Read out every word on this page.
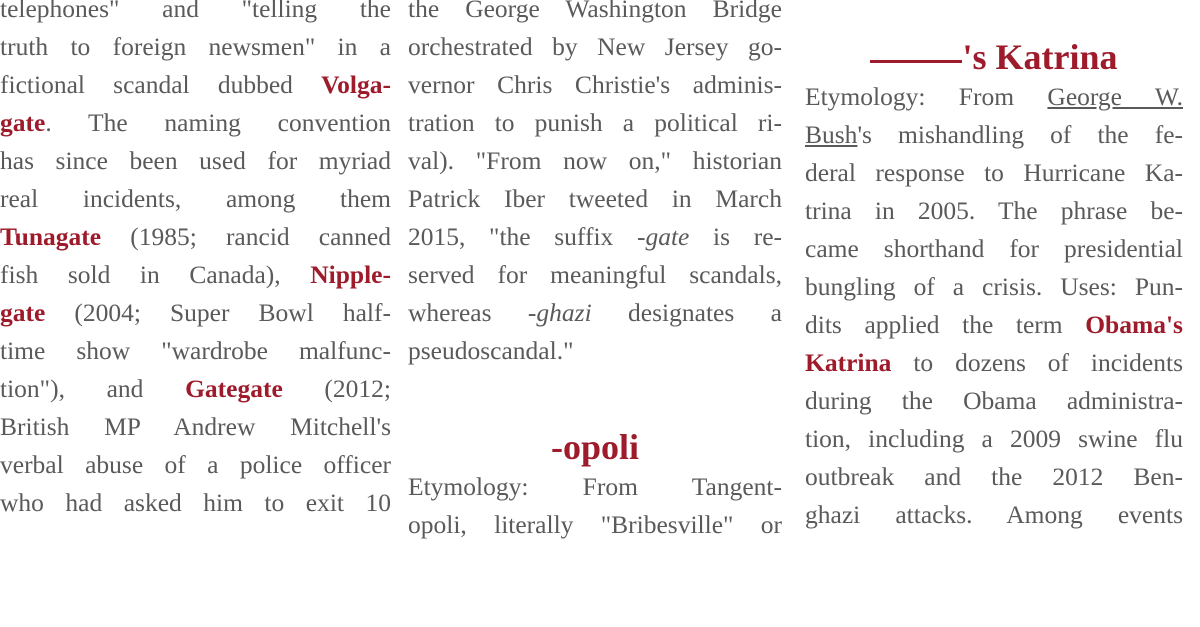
telephones" and "telling the
truth to foreign newsmen" in a
fictional scandal dubbed Volga-
gate. The naming convention
has since been used for myriad
real incidents, among them
Tunagate (1985; rancid canned
fish sold in Canada), Nipple-
gate (2004; Super Bowl half-
time show "wardrobe malfunc-
tion"), and Gategate (2012;
British MP Andrew Mitchell's
verbal abuse of a police officer
who had asked him to exit 10
the George Washington Bridge
orchestrated by New Jersey go-
vernor Chris Christie's adminis-
tration to punish a political ri-
val). "From now on," historian
Patrick Iber tweeted in March
2015, "the suffix -gate is re-
served for meaningful scandals,
whereas -ghazi designates a
pseudoscandal."
-opoli
Etymology: From Tangent-
opoli, literally "Bribesville" or
's Katrina
Etymology: From George W.
Bush's mishandling of the fe-
deral response to Hurricane Ka-
trina in 2005. The phrase be-
came shorthand for presidential
bungling of a crisis. Uses: Pun-
dits applied the term Obama's
Katrina to dozens of incidents
during the Obama administra-
tion, including a 2009 swine flu
outbreak and the 2012 Ben-
ghazi attacks. Among events
